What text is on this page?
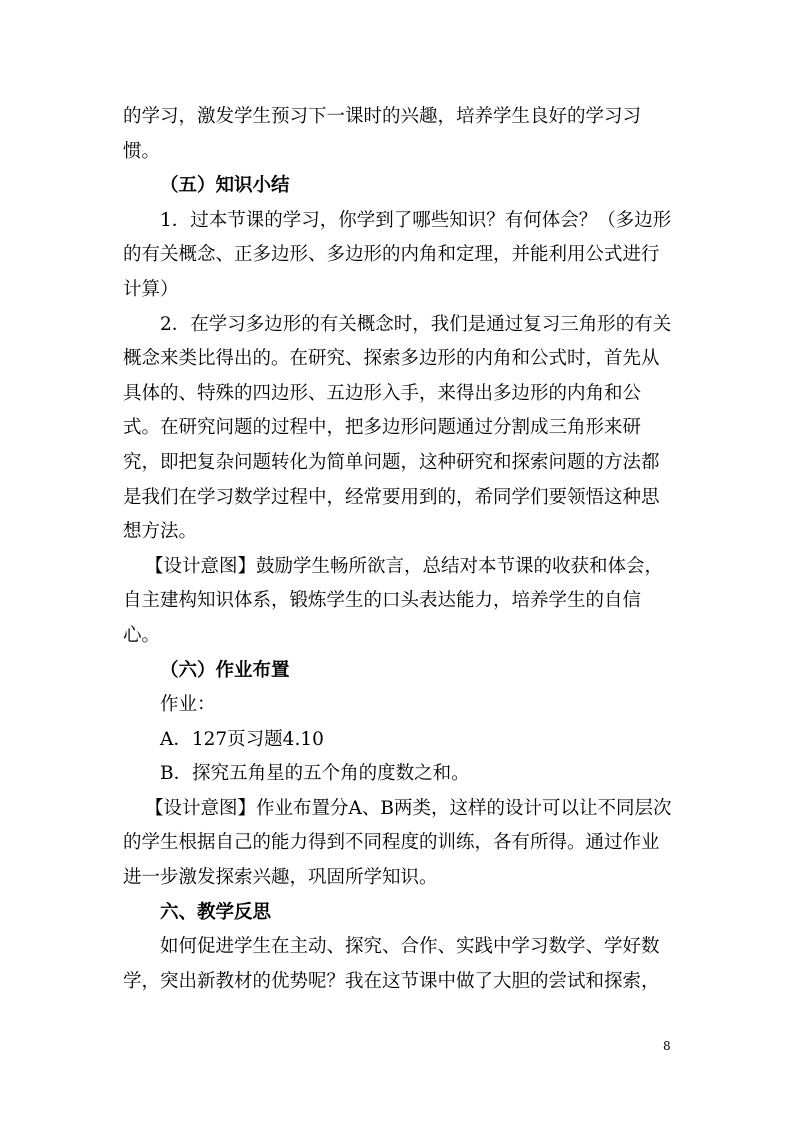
的学习，激发学生预习下一课时的兴趣，培养学生良好的学习习惯。

（五）知识小结

1．过本节课的学习，你学到了哪些知识？有何体会？（多边形的有关概念、正多边形、多边形的内角和定理，并能利用公式进行计算）

2．在学习多边形的有关概念时，我们是通过复习三角形的有关概念来类比得出的。在研究、探索多边形的内角和公式时，首先从具体的、特殊的四边形、五边形入手，来得出多边形的内角和公式。在研究问题的过程中，把多边形问题通过分割成三角形来研究，即把复杂问题转化为简单问题，这种研究和探索问题的方法都是我们在学习数学过程中，经常要用到的，希同学们要领悟这种思想方法。

【设计意图】鼓励学生畅所欲言，总结对本节课的收获和体会，自主建构知识体系，锻炼学生的口头表达能力，培养学生的自信心。

（六）作业布置

作业：

A．127页习题4.10

B．探究五角星的五个角的度数之和。

【设计意图】作业布置分A、B两类，这样的设计可以让不同层次的学生根据自己的能力得到不同程度的训练，各有所得。通过作业进一步激发探索兴趣，巩固所学知识。

六、教学反思

如何促进学生在主动、探究、合作、实践中学习数学、学好数学，突出新教材的优势呢？我在这节课中做了大胆的尝试和探索，

8
